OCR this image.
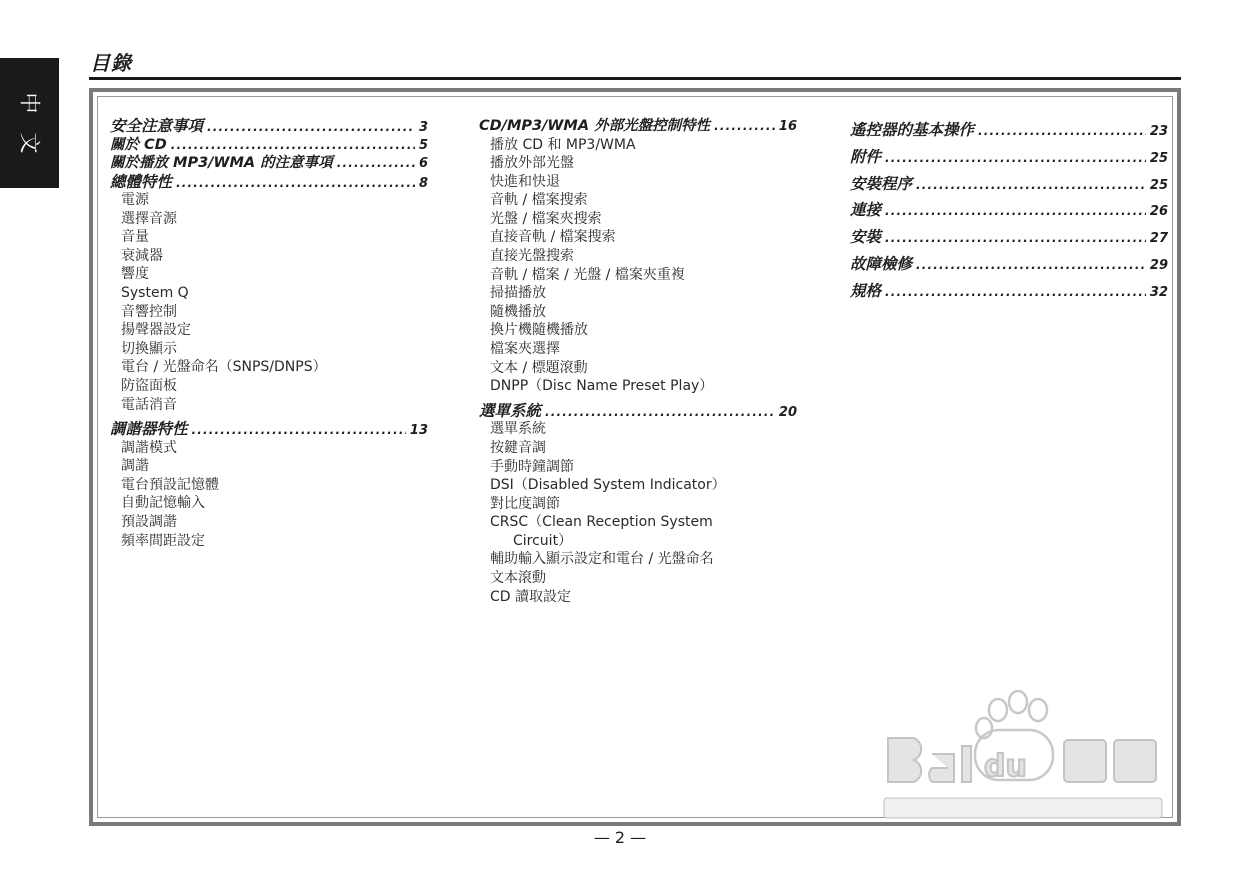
中
文
目錄
安全注意事項 .....	3
關於 CD .....	5
關於播放 MP3/WMA 的注意事項 .....	6
總體特性 .....	8
電源
選擇音源
音量
衰減器
響度
System Q
音響控制
揚聲器設定
切換顯示
電台 / 光盤命名（SNPS/DNPS）
防盜面板
電話消音
調諧器特性 .....	13
調諧模式
調諧
電台預設記憶體
自動記憶輸入
預設調諧
頻率間距設定
CD/MP3/WMA 外部光盤控制特性 .....	16
播放 CD 和 MP3/WMA
播放外部光盤
快進和快退
音軌 / 檔案搜索
光盤 / 檔案夾搜索
直接音軌 / 檔案搜索
直接光盤搜索
音軌 / 檔案 / 光盤 / 檔案夾重複
掃描播放
隨機播放
換片機隨機播放
檔案夾選擇
文本 / 標題滾動
DNPP（Disc Name Preset Play）
選單系統 .....	20
選單系統
按鍵音調
手動時鐘調節
DSI（Disabled System Indicator）
對比度調節
CRSC（Clean Reception System
Circuit）
輔助輸入顯示設定和電台 / 光盤命名
文本滾動
CD 讀取設定
遙控器的基本操作 .....	23
附件 .....	25
安裝程序 .....	25
連接 .....	26
安裝 .....	27
故障檢修 .....	29
規格 .....	32
du
— 2 —
